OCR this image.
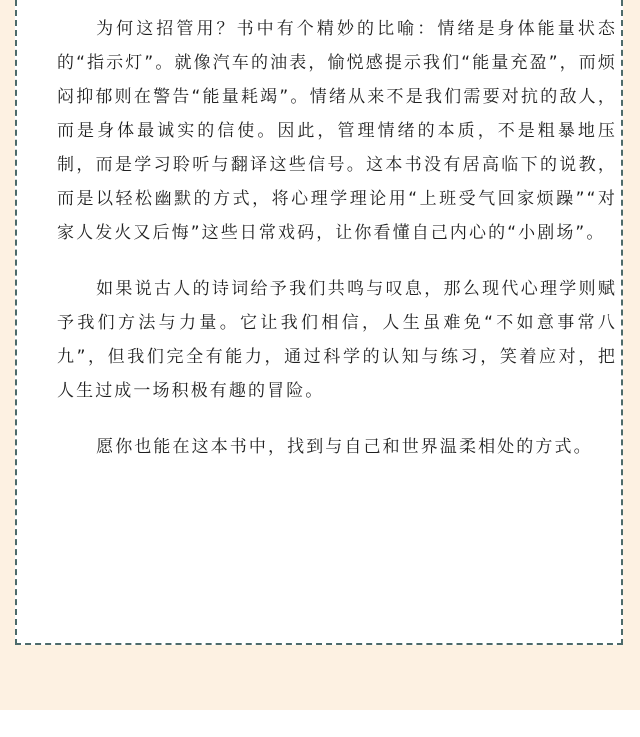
为何这招管用？书中有个精妙的比喻：情绪是身体能量状态的“指示灯”。就像汽车的油表，愉悦感提示我们“能量充盈”，而烦闷抑郁则在警告“能量耗竭”。情绪从来不是我们需要对抗的敌人，而是身体最诚实的信使。因此，管理情绪的本质，不是粗暴地压制，而是学习聆听与翻译这些信号。这本书没有居高临下的说教，而是以轻松幽默的方式，将心理学理论用“上班受气回家烦躁”“对家人发火又后悔”这些日常戏码，让你看懂自己内心的“小剧场”。

如果说古人的诗词给予我们共鸣与叹息，那么现代心理学则赋予我们方法与力量。它让我们相信，人生虽难免“不如意事常八九”，但我们完全有能力，通过科学的认知与练习，笑着应对，把人生过成一场积极有趣的冒险。

愿你也能在这本书中，找到与自己和世界温柔相处的方式。
